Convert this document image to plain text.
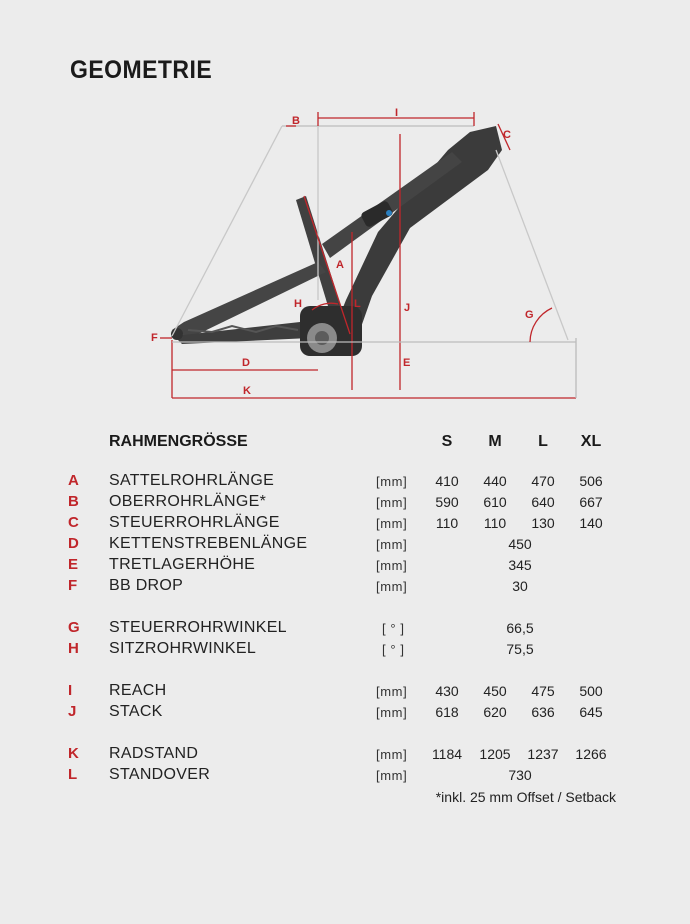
GEOMETRIE
B
I
C
A
H	L	J
G
F
D	E
K
RAHMENGRÖSSE	S	M	L	XL
A SATTELROHRLÄNGE	[mm]	410	440	470	506
B OBERROHRLÄNGE*	[mm]	590	610	640	667
C STEUERROHRLÄNGE	[mm]	110	110	130	140
D KETTENSTREBENLÄNGE	[mm]	450
E TRETLAGERHÖHE	[mm]	345
F BB DROP	[mm]	30
G STEUERROHRWINKEL	[ ° ]	66,5
H SITZROHRWINKEL	[ ° ]	75,5
I REACH	[mm]	430	450	475	500
J STACK	[mm]	618	620	636	645
K RADSTAND	[mm]	1184	1205	1237	1266
L STANDOVER	[mm]	730
*inkl. 25 mm Offset / Setback
